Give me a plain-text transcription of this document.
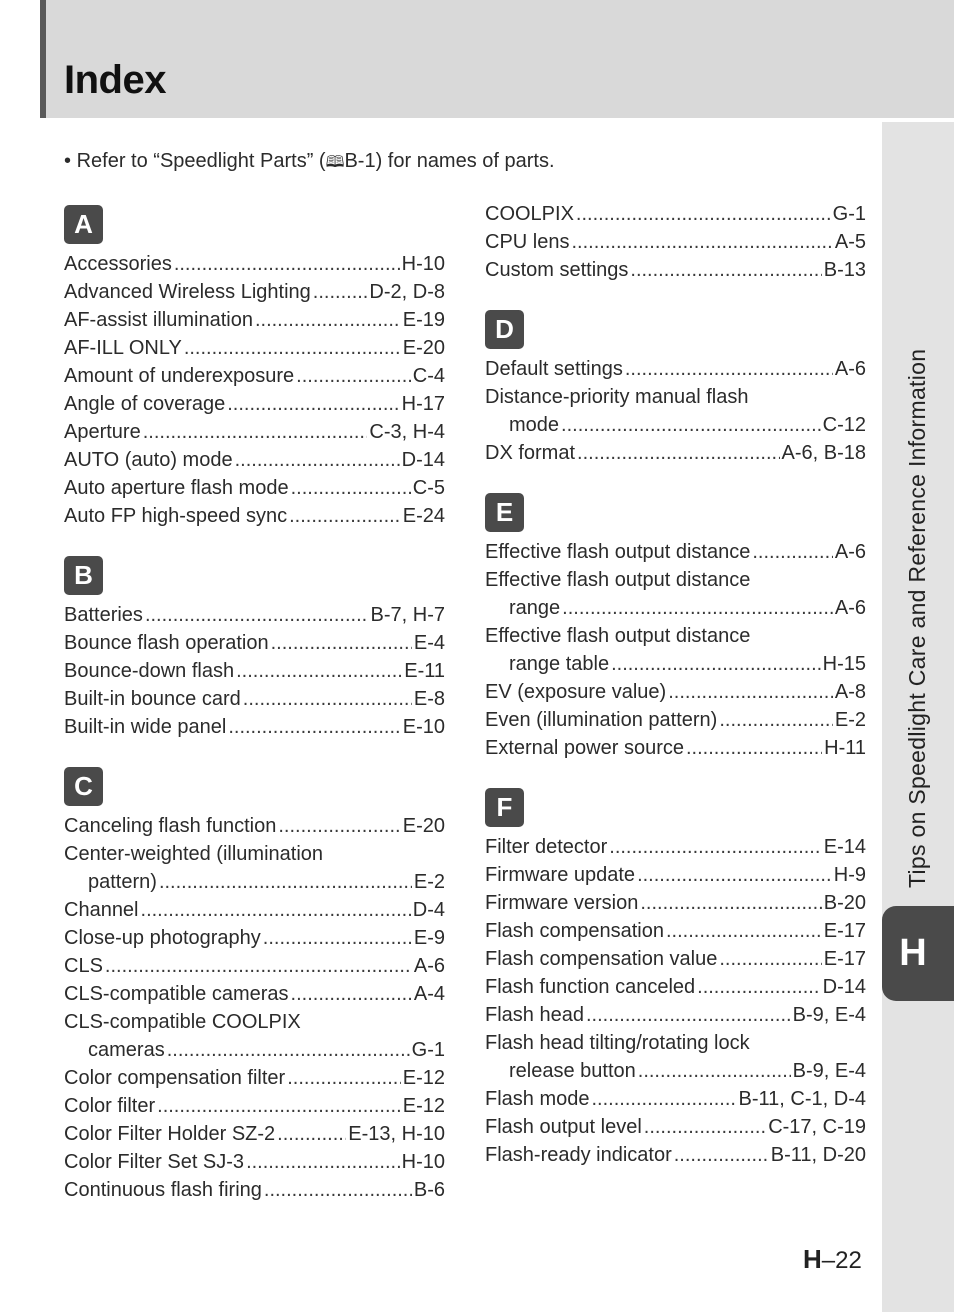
Index
Tips on Speedlight Care and Reference Information
H
• Refer to “Speedlight Parts” (🕮B-1) for names of parts.
A
Accessories .....	H-10
Advanced Wireless Lighting .....	D-2, D-8
AF-assist illumination .....	E-19
AF-ILL ONLY .....	E-20
Amount of underexposure .....	C-4
Angle of coverage .....	H-17
Aperture .....	C-3, H-4
AUTO (auto) mode .....	D-14
Auto aperture flash mode .....	C-5
Auto FP high-speed sync .....	E-24
B
Batteries .....	B-7, H-7
Bounce flash operation .....	E-4
Bounce-down flash .....	E-11
Built-in bounce card .....	E-8
Built-in wide panel .....	E-10
C
Canceling flash function .....	E-20
Center-weighted (illumination
pattern) .....	E-2
Channel .....	D-4
Close-up photography .....	E-9
CLS .....	A-6
CLS-compatible cameras .....	A-4
CLS-compatible COOLPIX
cameras .....	G-1
Color compensation filter .....	E-12
Color filter .....	E-12
Color Filter Holder SZ-2 .....	E-13, H-10
Color Filter Set SJ-3 .....	H-10
Continuous flash firing .....	B-6
COOLPIX .....	G-1
CPU lens .....	A-5
Custom settings .....	B-13
D
Default settings .....	A-6
Distance-priority manual flash
mode .....	C-12
DX format .....	A-6, B-18
E
Effective flash output distance .....	A-6
Effective flash output distance
range .....	A-6
Effective flash output distance
range table .....	H-15
EV (exposure value) .....	A-8
Even (illumination pattern) .....	E-2
External power source .....	H-11
F
Filter detector .....	E-14
Firmware update .....	H-9
Firmware version .....	B-20
Flash compensation .....	E-17
Flash compensation value .....	E-17
Flash function canceled .....	D-14
Flash head .....	B-9, E-4
Flash head tilting/rotating lock
release button .....	B-9, E-4
Flash mode .....	B-11, C-1, D-4
Flash output level .....	C-17, C-19
Flash-ready indicator .....	B-11, D-20
H–22
